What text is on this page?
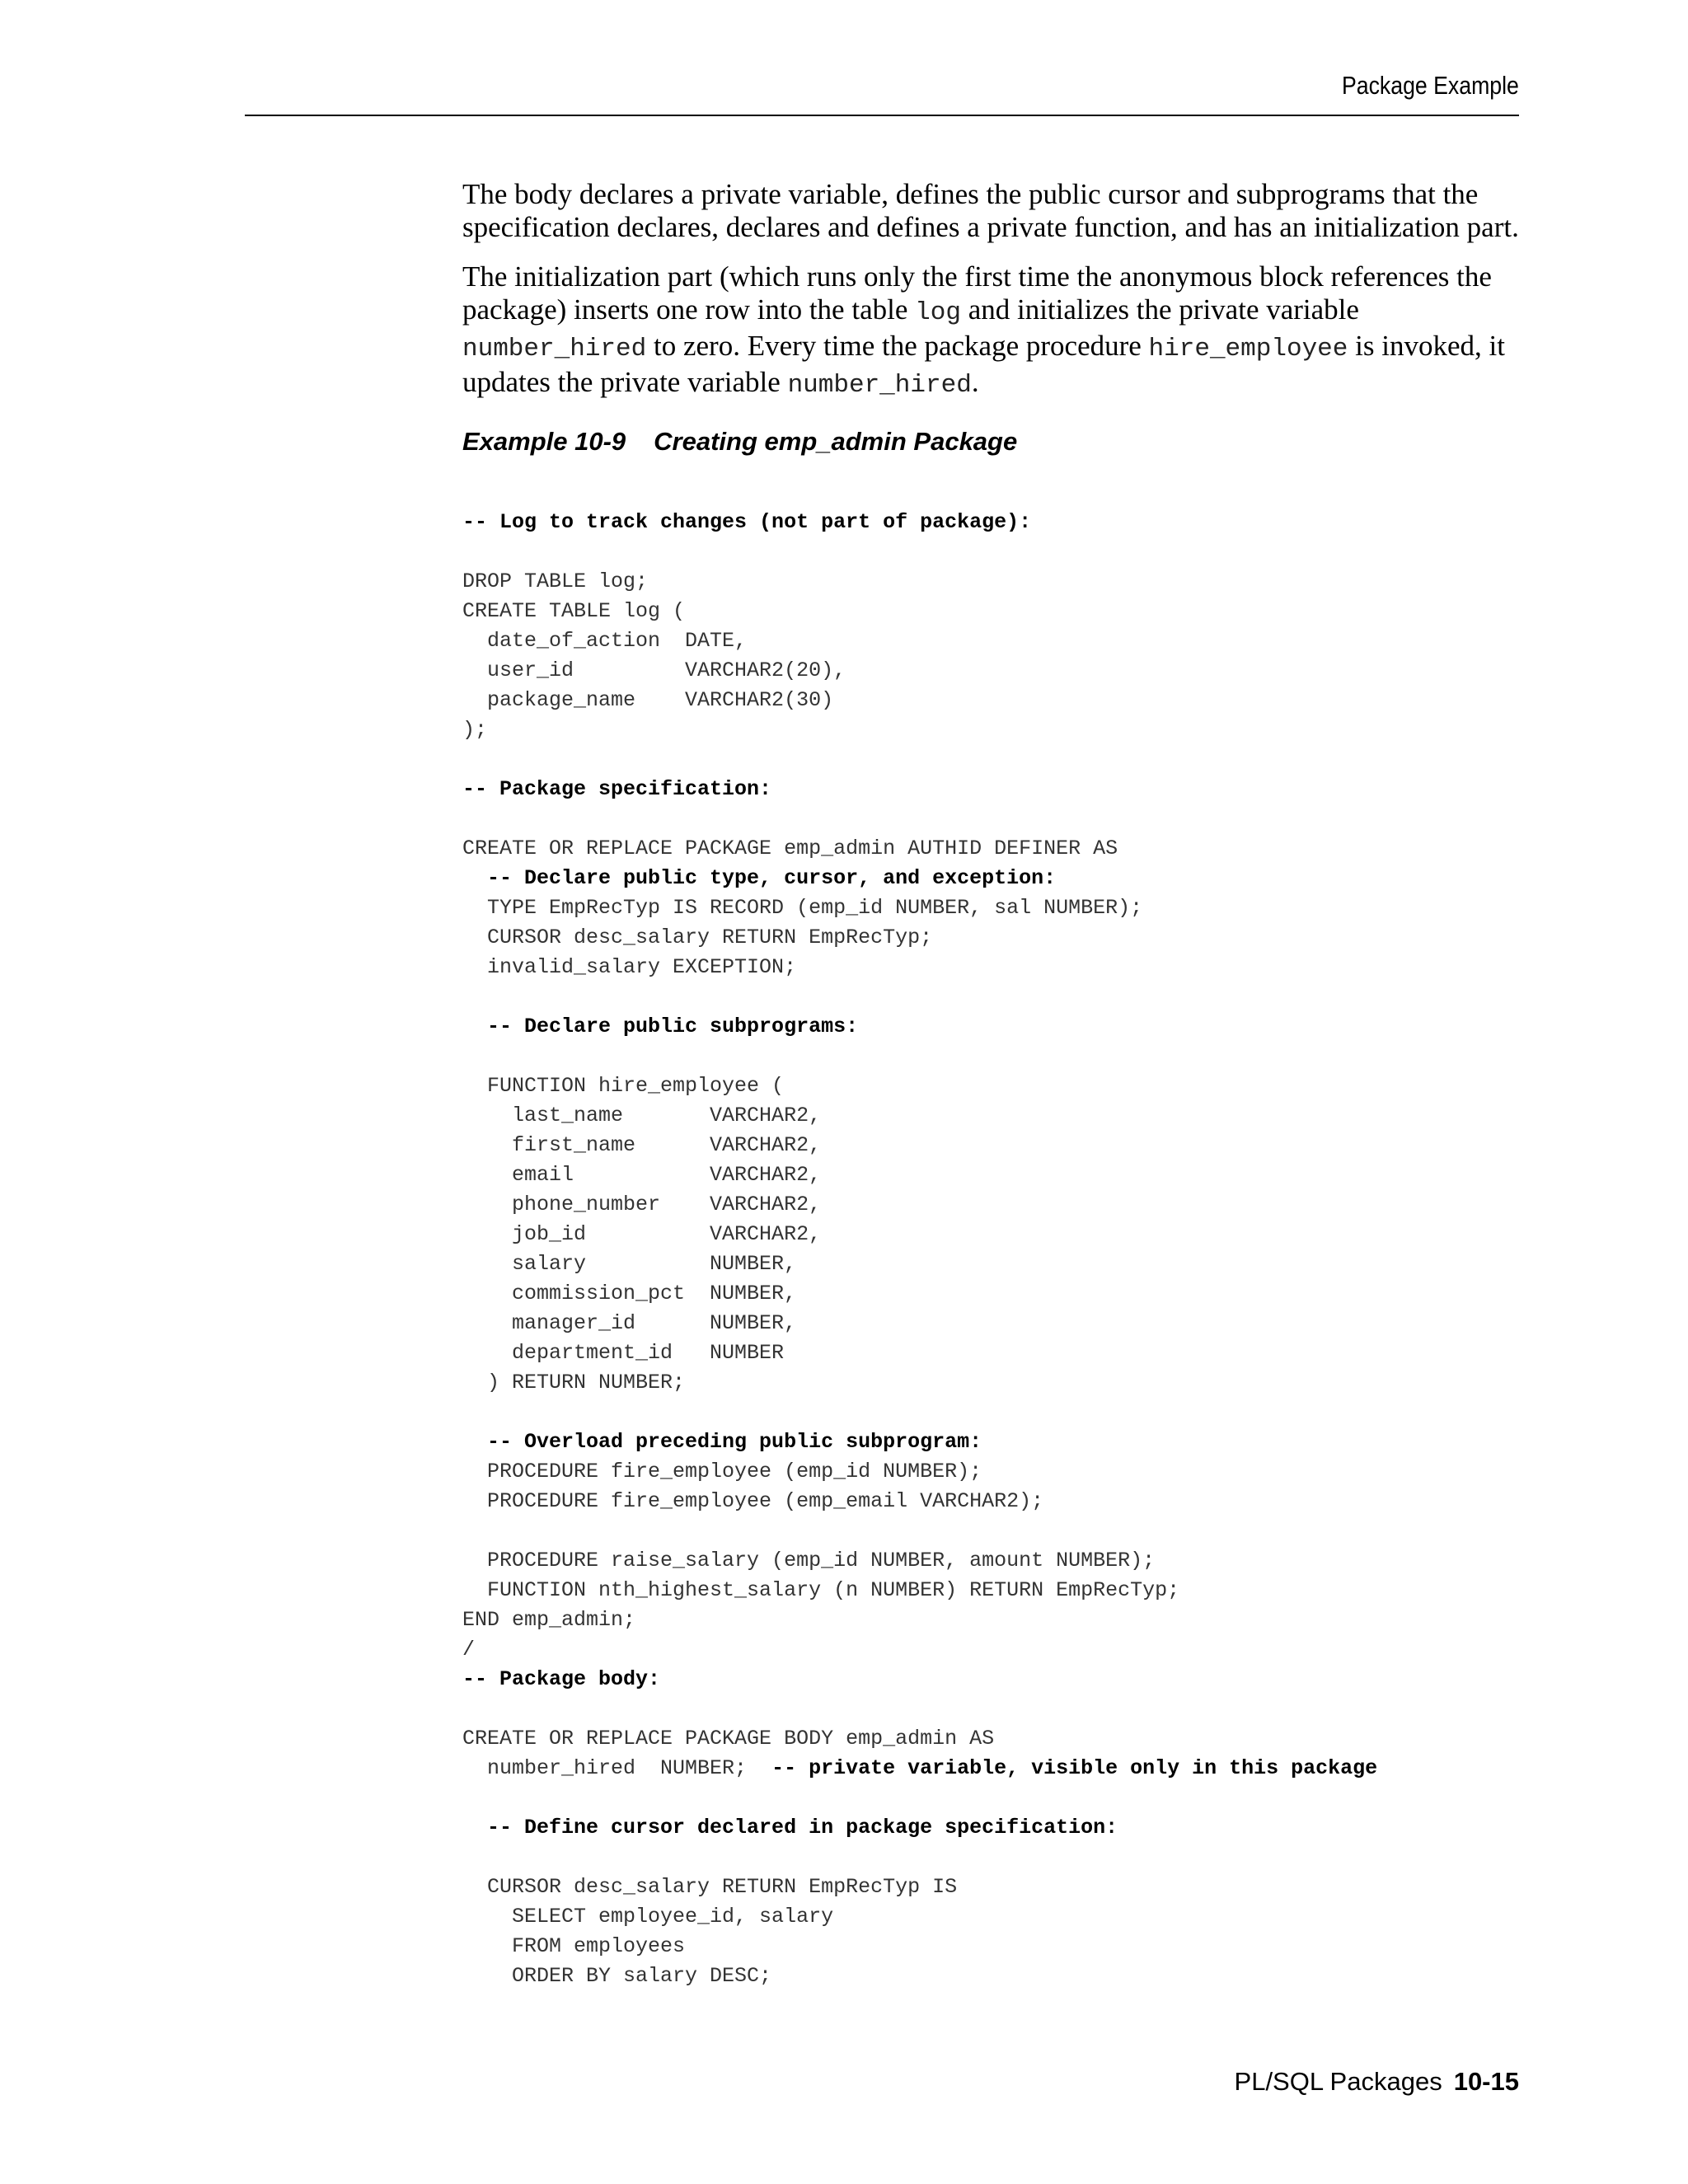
Package Example

The body declares a private variable, defines the public cursor and subprograms that the specification declares, declares and defines a private function, and has an initialization part.

The initialization part (which runs only the first time the anonymous block references the package) inserts one row into the table log and initializes the private variable number_hired to zero. Every time the package procedure hire_employee is invoked, it updates the private variable number_hired.

Example 10-9 Creating emp_admin Package

-- Log to track changes (not part of package):
DROP TABLE log;
CREATE TABLE log (
date_of_action  DATE,
user_id         VARCHAR2(20),
package_name    VARCHAR2(30)
);
-- Package specification:
CREATE OR REPLACE PACKAGE emp_admin AUTHID DEFINER AS
-- Declare public type, cursor, and exception:
TYPE EmpRecTyp IS RECORD (emp_id NUMBER, sal NUMBER);
CURSOR desc_salary RETURN EmpRecTyp;
invalid_salary EXCEPTION;
-- Declare public subprograms:
FUNCTION hire_employee (
last_name       VARCHAR2,
first_name      VARCHAR2,
email           VARCHAR2,
phone_number    VARCHAR2,
job_id          VARCHAR2,
salary          NUMBER,
commission_pct  NUMBER,
manager_id      NUMBER,
department_id   NUMBER
) RETURN NUMBER;
-- Overload preceding public subprogram:
PROCEDURE fire_employee (emp_id NUMBER);
PROCEDURE fire_employee (emp_email VARCHAR2);
PROCEDURE raise_salary (emp_id NUMBER, amount NUMBER);
FUNCTION nth_highest_salary (n NUMBER) RETURN EmpRecTyp;
END emp_admin;
/
-- Package body:
CREATE OR REPLACE PACKAGE BODY emp_admin AS
number_hired  NUMBER;  -- private variable, visible only in this package
-- Define cursor declared in package specification:
CURSOR desc_salary RETURN EmpRecTyp IS
SELECT employee_id, salary
FROM employees
ORDER BY salary DESC;

PL/SQL Packages 10-15
